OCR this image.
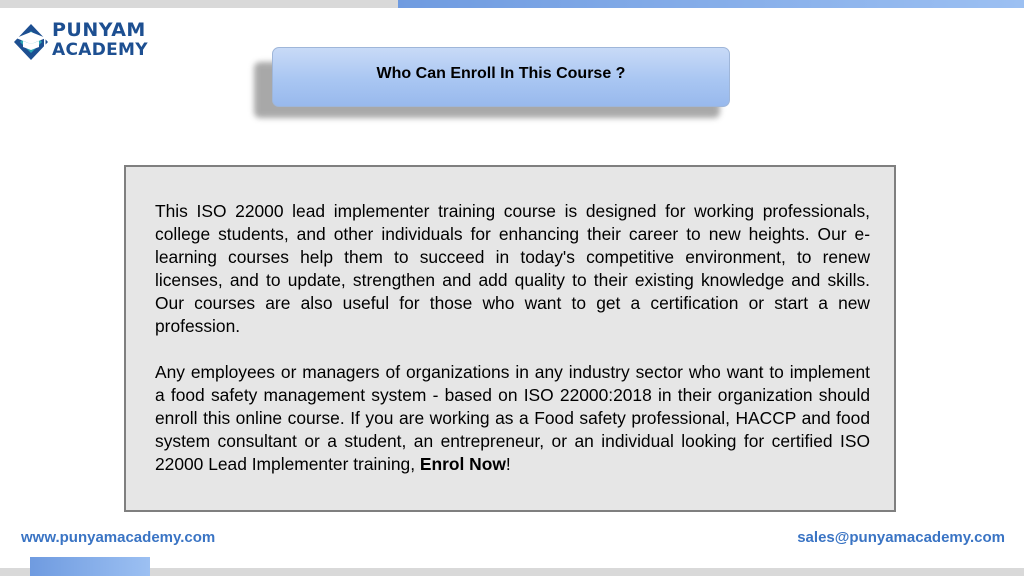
PUNYAM
ACADEMY
Who Can Enroll In This Course ?

This ISO 22000 lead implementer training course is designed for working professionals, college students, and other individuals for enhancing their career to new heights. Our e-learning courses help them to succeed in today's competitive environment, to renew licenses, and to update, strengthen and add quality to their existing knowledge and skills. Our courses are also useful for those who want to get a certification or start a new profession.

Any employees or managers of organizations in any industry sector who want to implement a food safety management system - based on ISO 22000:2018 in their organization should enroll this online course. If you are working as a Food safety professional, HACCP and food system consultant or a student, an entrepreneur, or an individual looking for certified ISO 22000 Lead Implementer training, Enrol Now!

www.punyamacademy.com	sales@punyamacademy.com
